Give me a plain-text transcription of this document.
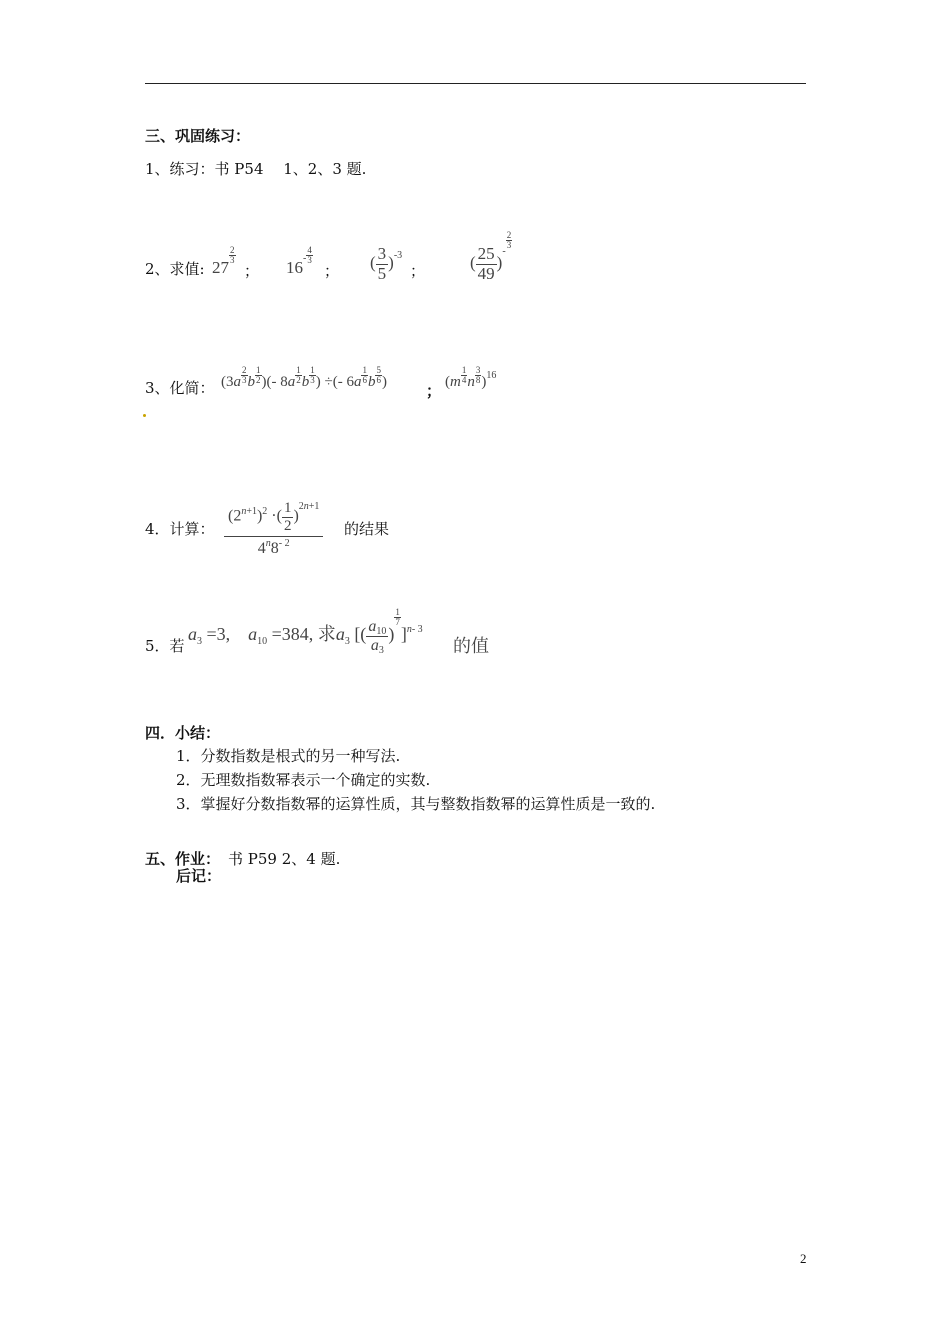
三、巩固练习：
1、练习：书 P54　 1、2、3 题.
2、求值: 27
$\frac{2}{3}$
； $16^- \frac{4}{3}$
； ( $\frac{3}{5} )^{-3}$
；	( $\frac{25}{49} )^-$
$\frac{2}{3}$
3、化简： ($3a \frac{2}{3}$ b $\frac{1}{2}$ )(- $8a \frac{1}{2}$ b $\frac{1}{3}$ ) ÷(- $6a \frac{1}{6}$ b $\frac{5}{6}$ )	； ($m \frac{1}{4}$ n $\frac{3}{8} )^{16}$
4．计算： $\frac{(2^{n+1})^2 \cdot( \frac{1}{2} )^{2n+1}}{4^n8^{- 2}}$ 的结果
5．若
$a_3 =3$,　$a_{10} =384$, 求$a_3$ [( $\frac{a10}{a3}$ )
$\frac{1}{7}$
]$^{n- 3}$
的值
四．小结：
1．分数指数是根式的另一种写法.
2．无理数指数幂表示一个确定的实数.
3．掌握好分数指数幂的运算性质，其与整数指数幂的运算性质是一致的.
五、作业： 书 P59 2、4 题.
后记：
2
